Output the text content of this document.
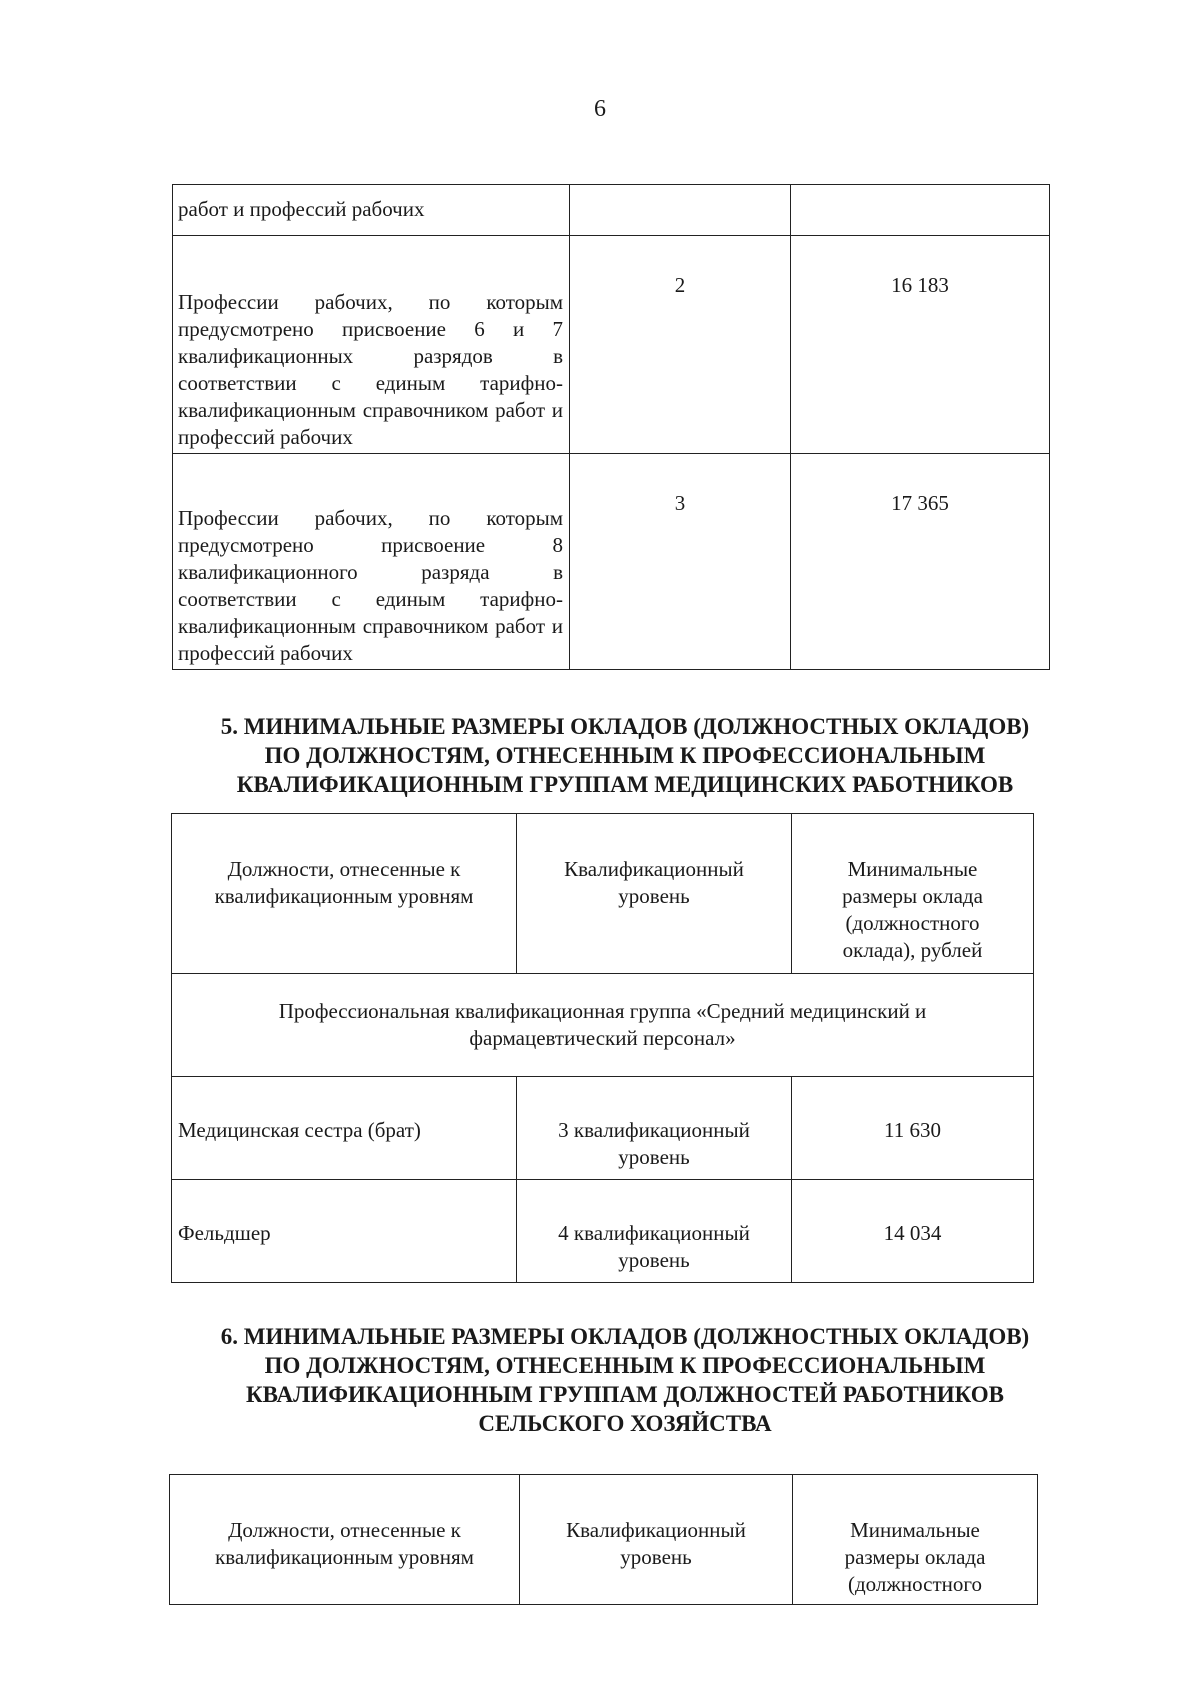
6
работ и профессий рабочих		
Профессии рабочих, по которым предусмотрено присвоение 6 и 7 квалификационных разрядов в соответствии с единым тарифно-квалификационным справочником работ и профессий рабочих	2	16 183
Профессии рабочих, по которым предусмотрено присвоение 8 квалификационного разряда в соответствии с единым тарифно-квалификационным справочником работ и профессий рабочих	3	17 365
5. МИНИМАЛЬНЫЕ РАЗМЕРЫ ОКЛАДОВ (ДОЛЖНОСТНЫХ ОКЛАДОВ)
ПО ДОЛЖНОСТЯМ, ОТНЕСЕННЫМ К ПРОФЕССИОНАЛЬНЫМ
КВАЛИФИКАЦИОННЫМ ГРУППАМ МЕДИЦИНСКИХ РАБОТНИКОВ
Должности, отнесенные к квалификационным уровням	Квалификационный уровень	Минимальные размеры оклада (должностного оклада), рублей
Профессиональная квалификационная группа «Средний медицинский и фармацевтический персонал»		
Медицинская сестра (брат)	3 квалификационный уровень	11 630
Фельдшер	4 квалификационный уровень	14 034
6. МИНИМАЛЬНЫЕ РАЗМЕРЫ ОКЛАДОВ (ДОЛЖНОСТНЫХ ОКЛАДОВ)
ПО ДОЛЖНОСТЯМ, ОТНЕСЕННЫМ К ПРОФЕССИОНАЛЬНЫМ
КВАЛИФИКАЦИОННЫМ ГРУППАМ ДОЛЖНОСТЕЙ РАБОТНИКОВ
СЕЛЬСКОГО ХОЗЯЙСТВА
Должности, отнесенные к квалификационным уровням	Квалификационный уровень	Минимальные размеры оклада (должностного
